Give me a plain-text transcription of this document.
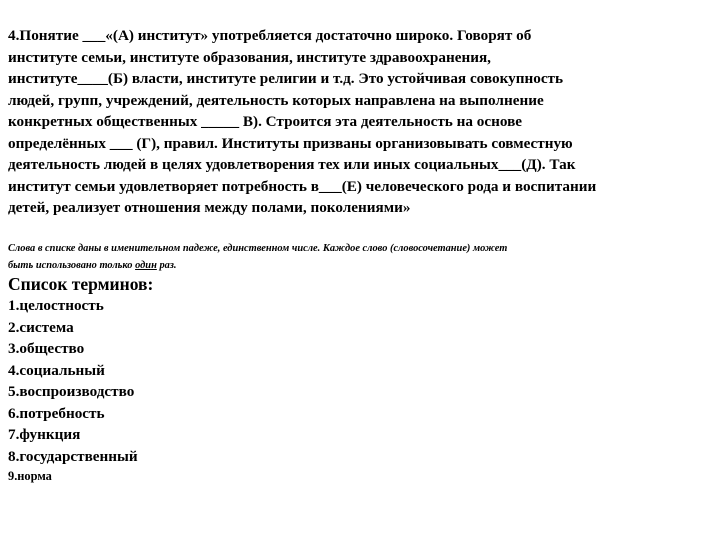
4.Понятие ___«(А) институт» употребляется достаточно широко. Говорят об
институте семьи, институте образования, институте здравоохранения,
институте____(Б) власти, институте религии и т.д. Это устойчивая совокупность
людей, групп, учреждений, деятельность которых направлена на выполнение
конкретных общественных _____ В). Строится эта деятельность на основе
определённых ___ (Г), правил. Институты призваны организовывать совместную
деятельность людей в целях удовлетворения тех или иных социальных___(Д). Так
институт семьи удовлетворяет потребность в___(Е) человеческого рода и воспитании
детей, реализует отношения между полами, поколениями»
Слова в списке даны в именительном падеже, единственном числе. Каждое слово (словосочетание) может
быть использовано только один раз.
Список терминов:
1.целостность
2.система
3.общество
4.социальный
5.воспроизводство
6.потребность
7.функция
8.государственный
9.норма
